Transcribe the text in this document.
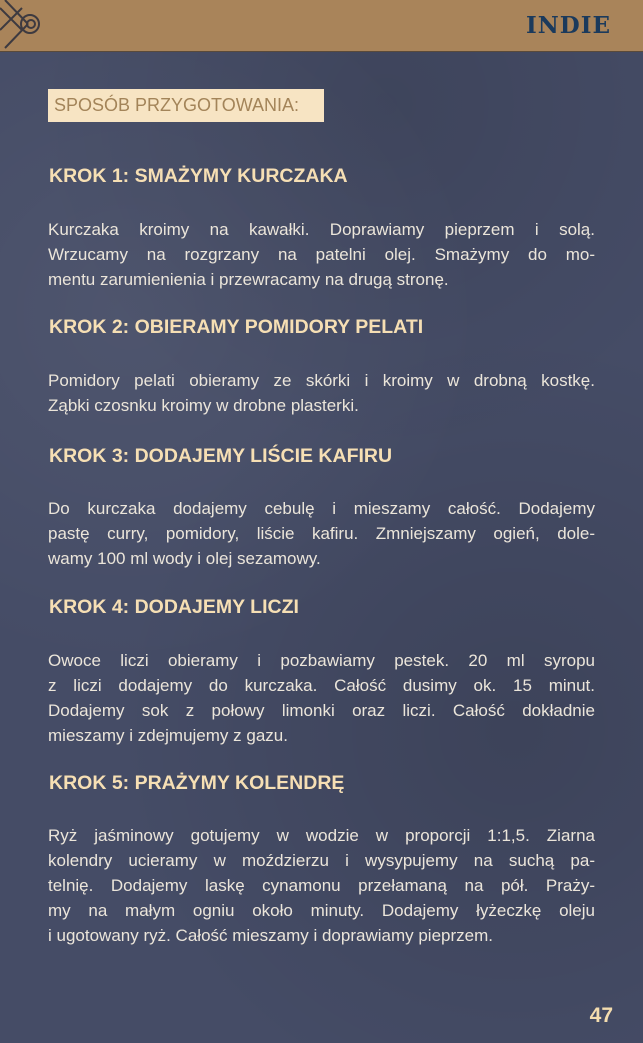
INDIE
SPOSÓB PRZYGOTOWANIA:
KROK 1: SMAŻYMY KURCZAKA
Kurczaka kroimy na kawałki. Doprawiamy pieprzem i solą.
Wrzucamy na rozgrzany na patelni olej. Smażymy do mo-
mentu zarumienienia i przewracamy na drugą stronę.
KROK 2: OBIERAMY POMIDORY PELATI
Pomidory pelati obieramy ze skórki i kroimy w drobną kostkę.
Ząbki czosnku kroimy w drobne plasterki.
KROK 3: DODAJEMY LIŚCIE KAFIRU
Do kurczaka dodajemy cebulę i mieszamy całość. Dodajemy
pastę curry, pomidory, liście kafiru. Zmniejszamy ogień, dole-
wamy 100 ml wody i olej sezamowy.
KROK 4: DODAJEMY LICZI
Owoce liczi obieramy i pozbawiamy pestek. 20 ml syropu
z liczi dodajemy do kurczaka. Całość dusimy ok. 15 minut.
Dodajemy sok z połowy limonki oraz liczi. Całość dokładnie
mieszamy i zdejmujemy z gazu.
KROK 5: PRAŻYMY KOLENDRĘ
Ryż jaśminowy gotujemy w wodzie w proporcji 1:1,5. Ziarna
kolendry ucieramy w moździerzu i wysypujemy na suchą pa-
telnię. Dodajemy laskę cynamonu przełamaną na pół. Praży-
my na małym ogniu około minuty. Dodajemy łyżeczkę oleju
i ugotowany ryż. Całość mieszamy i doprawiamy pieprzem.
47
